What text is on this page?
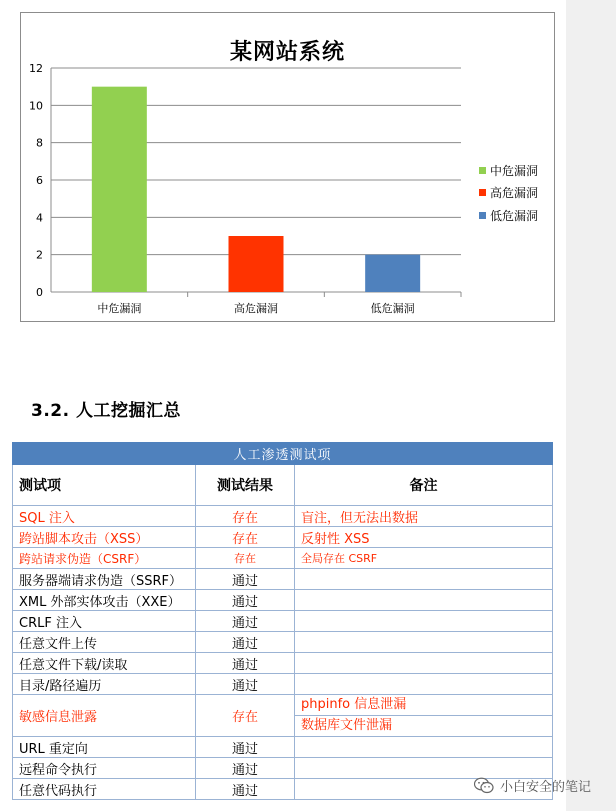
某网站系统
0
2
4
6
8
10
12
中危漏洞	高危漏洞	低危漏洞
中危漏洞
高危漏洞
低危漏洞
3.2. 人工挖掘汇总
人工渗透测试项		
测试项	测试结果	备注
SQL 注入	存在	盲注，但无法出数据
跨站脚本攻击（XSS）	存在	反射性 XSS
跨站请求伪造（CSRF）	存在	全局存在 CSRF
服务器端请求伪造（SSRF）	通过	
XML 外部实体攻击（XXE）	通过	
CRLF 注入	通过	
任意文件上传	通过	
任意文件下载/读取	通过	
目录/路径遍历	通过	
敏感信息泄露	存在	phpinfo 信息泄漏
数据库文件泄漏

URL 重定向	通过	
远程命令执行	通过	
任意代码执行	通过		小白安全的笔记
